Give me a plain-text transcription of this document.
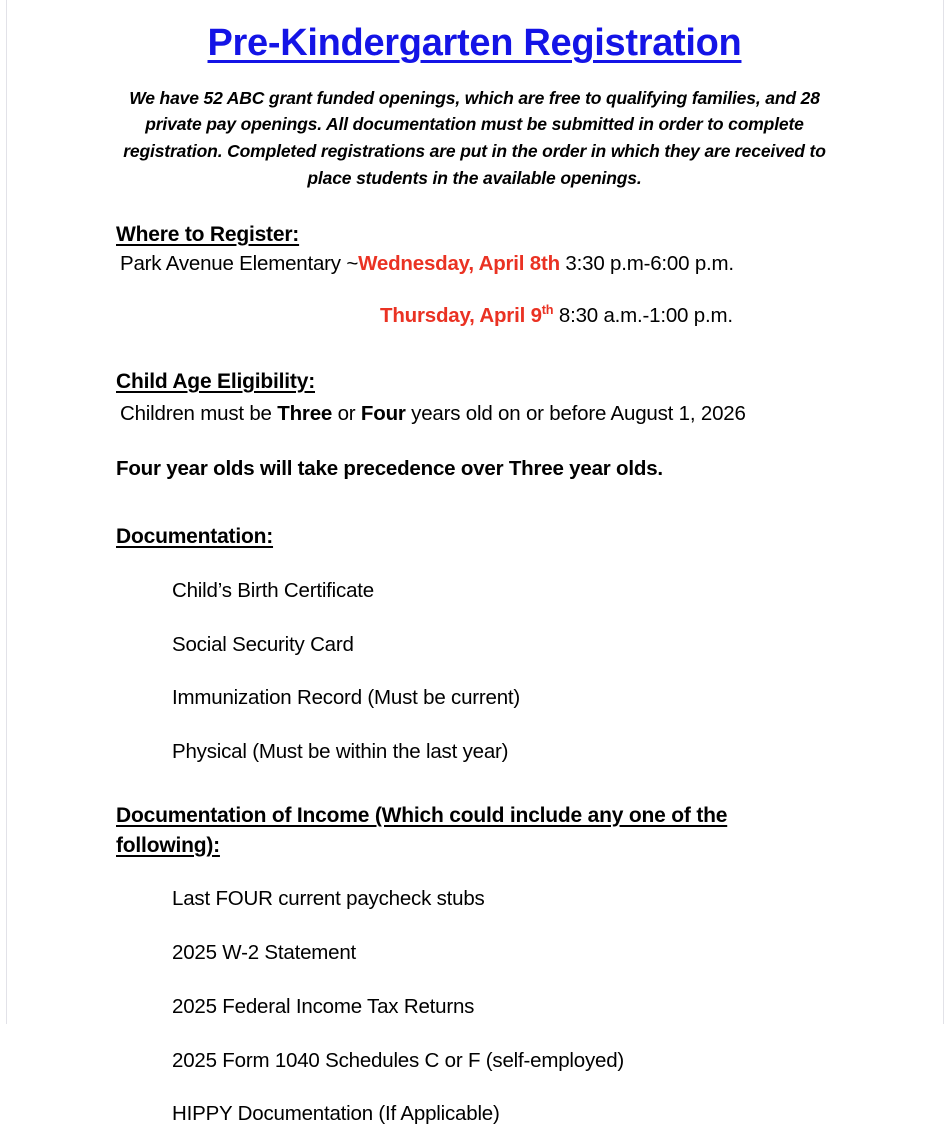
Pre-Kindergarten Registration

We have 52 ABC grant funded openings, which are free to qualifying families, and 28 private pay openings. All documentation must be submitted in order to complete registration. Completed registrations are put in the order in which they are received to place students in the available openings.

Where to Register:

Park Avenue Elementary ~Wednesday, April 8th 3:30 p.m-6:00 p.m.

Thursday, April 9th 8:30 a.m.-1:00 p.m.

Child Age Eligibility:

Children must be Three or Four years old on or before August 1, 2026

Four year olds will take precedence over Three year olds.

Documentation:
Child’s Birth Certificate
Social Security Card
Immunization Record (Must be current)
Physical (Must be within the last year)
Documentation of Income (Which could include any one of the following):
Last FOUR current paycheck stubs
2025 W-2 Statement
2025 Federal Income Tax Returns
2025 Form 1040 Schedules C or F (self-employed)
HIPPY Documentation (If Applicable)
